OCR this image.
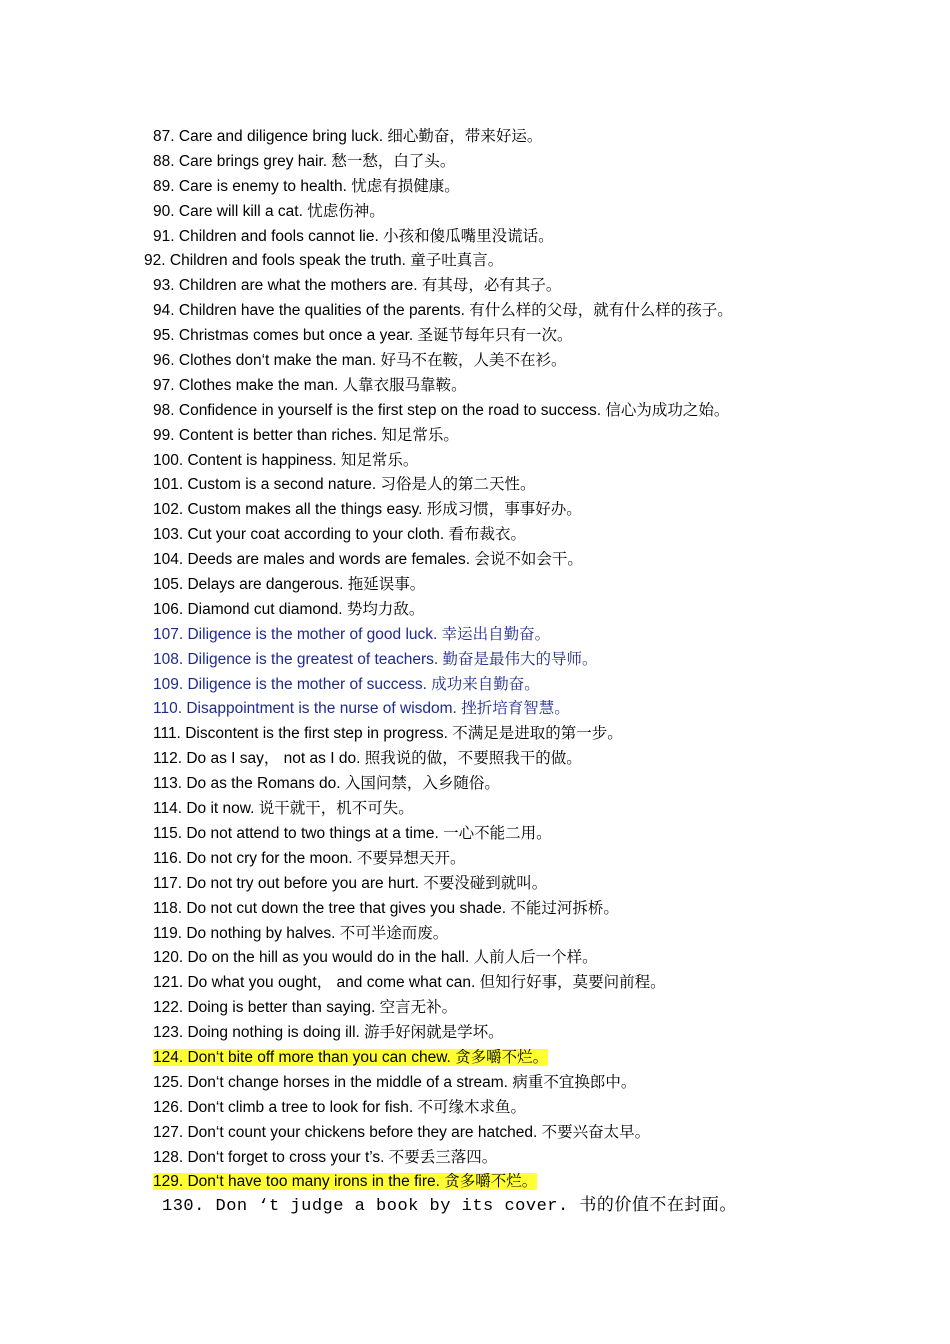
87. Care and diligence bring luck. 细心勤奋，带来好运。
88. Care brings grey hair. 愁一愁，白了头。
89. Care is enemy to health. 忧虑有损健康。
90. Care will kill a cat. 忧虑伤神。
91. Children and fools cannot lie. 小孩和傻瓜嘴里没谎话。
92. Children and fools speak the truth. 童子吐真言。
93. Children are what the mothers are. 有其母，必有其子。
94. Children have the qualities of the parents. 有什么样的父母，就有什么样的孩子。
95. Christmas comes but once a year. 圣诞节每年只有一次。
96. Clothes don‘t make the man. 好马不在鞍，人美不在衫。
97. Clothes make the man. 人靠衣服马靠鞍。
98. Confidence in yourself is the first step on the road to success. 信心为成功之始。
99. Content is better than riches. 知足常乐。
100. Content is happiness. 知足常乐。
101. Custom is a second nature. 习俗是人的第二天性。
102. Custom makes all the things easy. 形成习惯，事事好办。
103. Cut your coat according to your cloth. 看布裁衣。
104. Deeds are males and words are females. 会说不如会干。
105. Delays are dangerous. 拖延误事。
106. Diamond cut diamond. 势均力敌。
107. Diligence is the mother of good luck. 幸运出自勤奋。
108. Diligence is the greatest of teachers. 勤奋是最伟大的导师。
109. Diligence is the mother of success. 成功来自勤奋。
110. Disappointment is the nurse of wisdom. 挫折培育智慧。
111. Discontent is the first step in progress. 不满足是进取的第一步。
112. Do as I say， not as I do. 照我说的做，不要照我干的做。
113. Do as the Romans do. 入国问禁，入乡随俗。
114. Do it now. 说干就干，机不可失。
115. Do not attend to two things at a time. 一心不能二用。
116. Do not cry for the moon. 不要异想天开。
117. Do not try out before you are hurt. 不要没碰到就叫。
118. Do not cut down the tree that gives you shade. 不能过河拆桥。
119. Do nothing by halves. 不可半途而废。
120. Do on the hill as you would do in the hall. 人前人后一个样。
121. Do what you ought， and come what can. 但知行好事，莫要问前程。
122. Doing is better than saying. 空言无补。
123. Doing nothing is doing ill. 游手好闲就是学坏。
124. Don‘t bite off more than you can chew. 贪多嚼不烂。
125. Don‘t change horses in the middle of a stream. 病重不宜换郎中。
126. Don‘t climb a tree to look for fish. 不可缘木求鱼。
127. Don‘t count your chickens before they are hatched. 不要兴奋太早。
128. Don‘t forget to cross your t’s. 不要丢三落四。
129. Don‘t have too many irons in the fire. 贪多嚼不烂。
130. Don ‘t judge a book by its cover. 书的价值不在封面。
